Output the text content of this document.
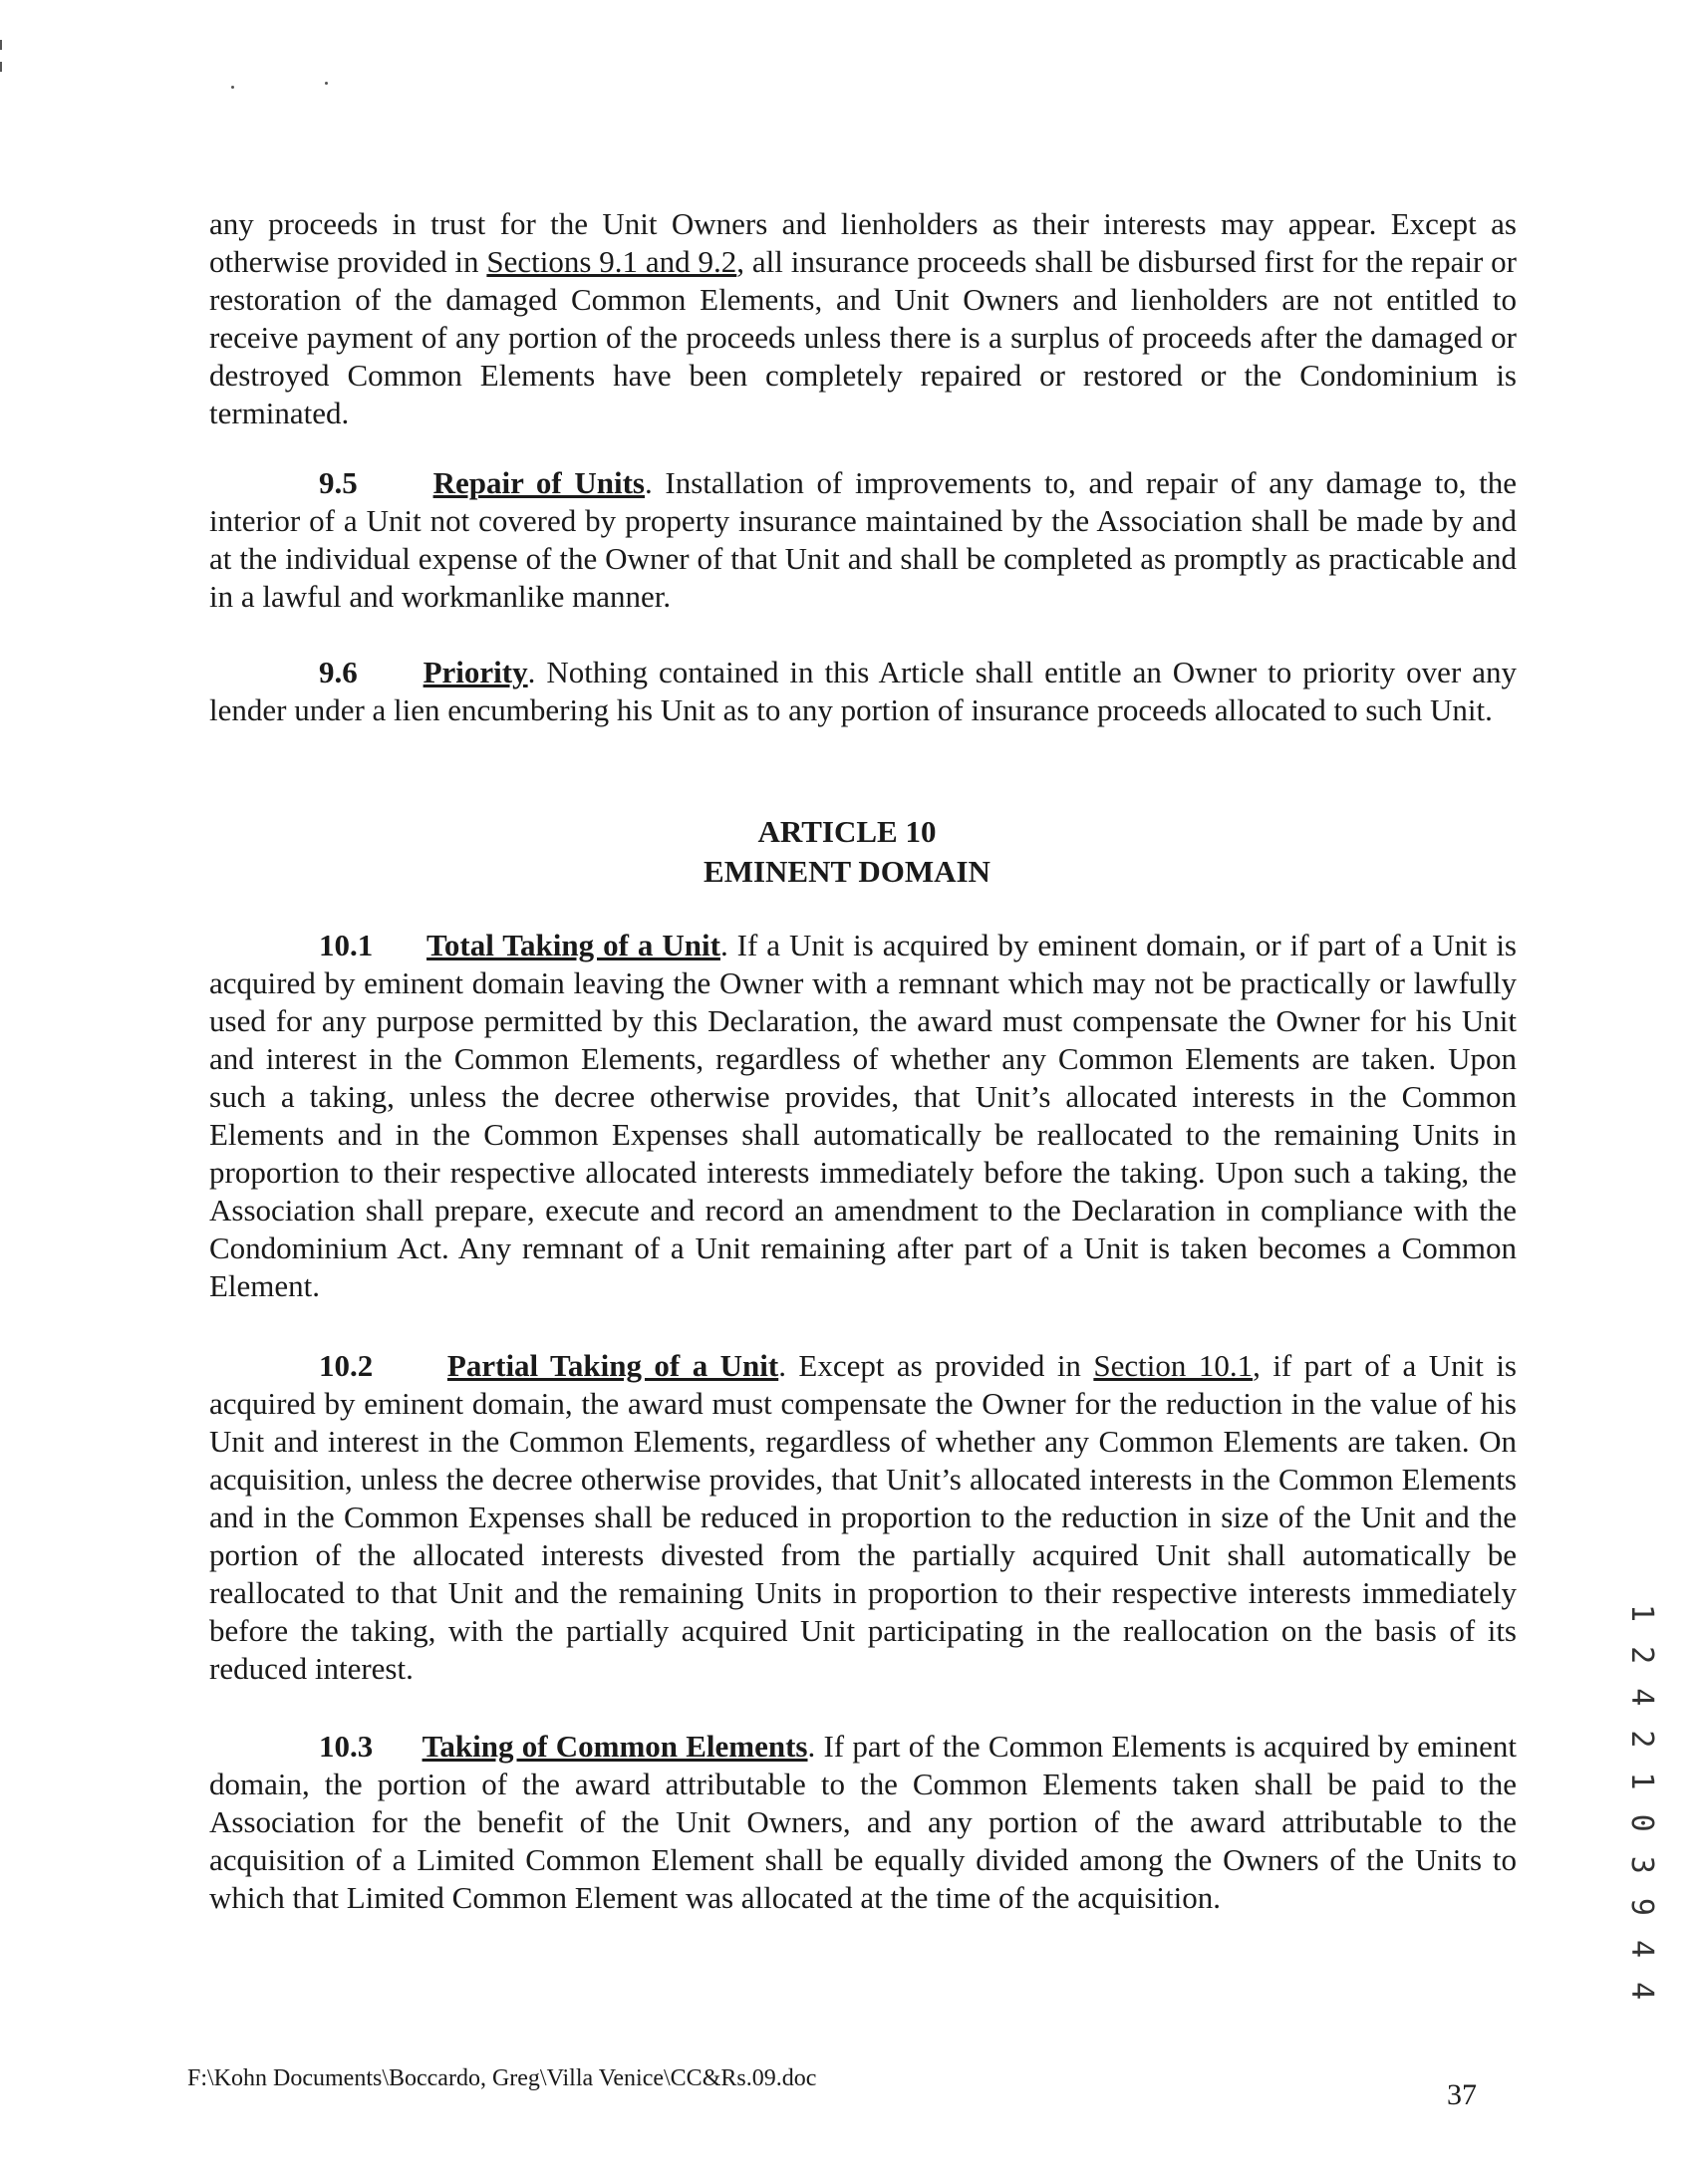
any proceeds in trust for the Unit Owners and lienholders as their interests may appear. Except as otherwise provided in Sections 9.1 and 9.2, all insurance proceeds shall be disbursed first for the repair or restoration of the damaged Common Elements, and Unit Owners and lienholders are not entitled to receive payment of any portion of the proceeds unless there is a surplus of proceeds after the damaged or destroyed Common Elements have been completely repaired or restored or the Condominium is terminated.

9.5 Repair of Units. Installation of improvements to, and repair of any damage to, the interior of a Unit not covered by property insurance maintained by the Association shall be made by and at the individual expense of the Owner of that Unit and shall be completed as promptly as practicable and in a lawful and workmanlike manner.

9.6 Priority. Nothing contained in this Article shall entitle an Owner to priority over any lender under a lien encumbering his Unit as to any portion of insurance proceeds allocated to such Unit.

ARTICLE 10
EMINENT DOMAIN

10.1 Total Taking of a Unit. If a Unit is acquired by eminent domain, or if part of a Unit is acquired by eminent domain leaving the Owner with a remnant which may not be practically or lawfully used for any purpose permitted by this Declaration, the award must compensate the Owner for his Unit and interest in the Common Elements, regardless of whether any Common Elements are taken. Upon such a taking, unless the decree otherwise provides, that Unit’s allocated interests in the Common Elements and in the Common Expenses shall automatically be reallocated to the remaining Units in proportion to their respective allocated interests immediately before the taking. Upon such a taking, the Association shall prepare, execute and record an amendment to the Declaration in compliance with the Condominium Act. Any remnant of a Unit remaining after part of a Unit is taken becomes a Common Element.

10.2 Partial Taking of a Unit. Except as provided in Section 10.1, if part of a Unit is acquired by eminent domain, the award must compensate the Owner for the reduction in the value of his Unit and interest in the Common Elements, regardless of whether any Common Elements are taken. On acquisition, unless the decree otherwise provides, that Unit’s allocated interests in the Common Elements and in the Common Expenses shall be reduced in proportion to the reduction in size of the Unit and the portion of the allocated interests divested from the partially acquired Unit shall automatically be reallocated to that Unit and the remaining Units in proportion to their respective interests immediately before the taking, with the partially acquired Unit participating in the reallocation on the basis of its reduced interest.

10.3 Taking of Common Elements. If part of the Common Elements is acquired by eminent domain, the portion of the award attributable to the Common Elements taken shall be paid to the Association for the benefit of the Unit Owners, and any portion of the award attributable to the acquisition of a Limited Common Element shall be equally divided among the Owners of the Units to which that Limited Common Element was allocated at the time of the acquisition.	1 2 4 2 1 0 3 9 4 4
F:\Kohn Documents\Boccardo, Greg\Villa Venice\CC&Rs.09.doc	37
